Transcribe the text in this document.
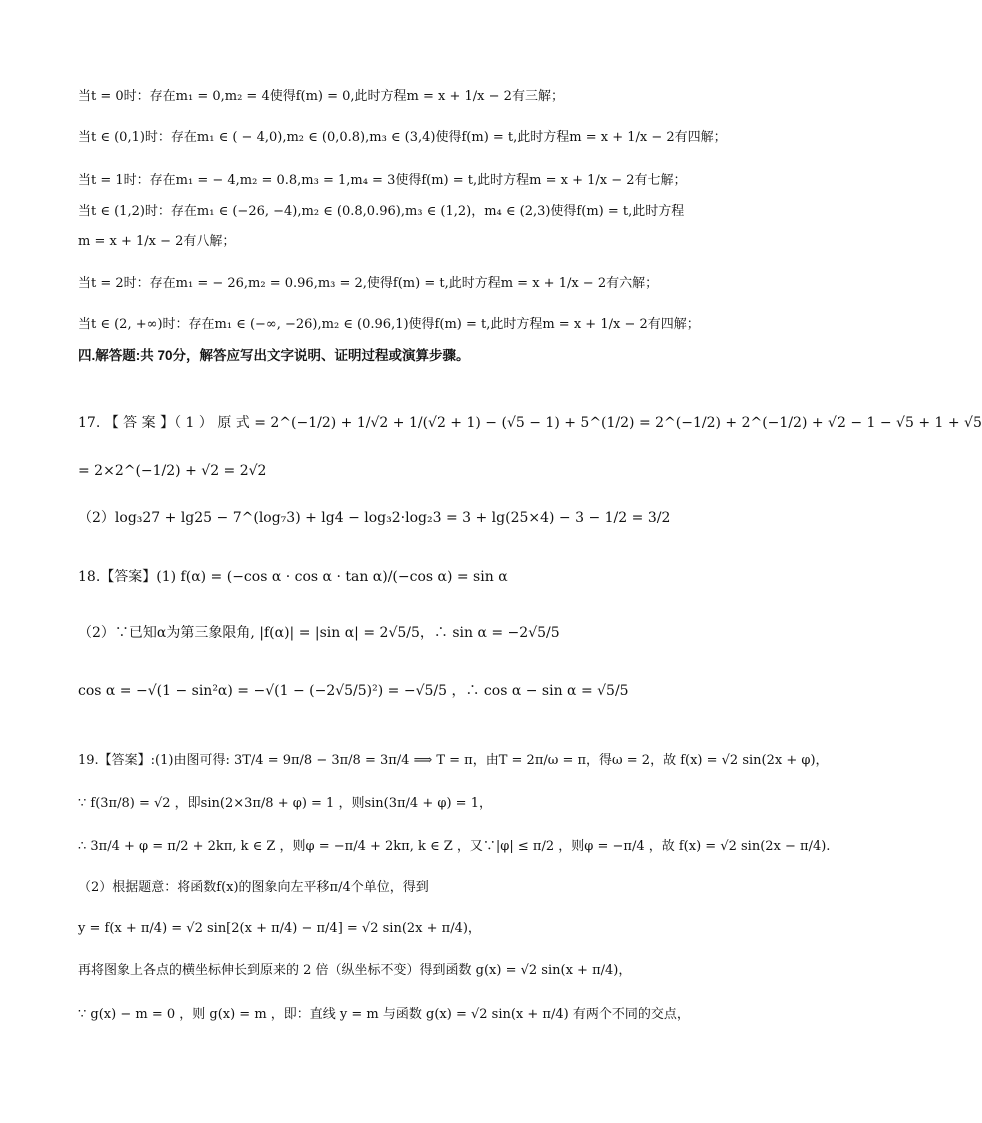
当t = 0时：存在m₁ = 0,m₂ = 4使得f(m) = 0,此时方程m = x + 1/x − 2有三解；
当t ∈ (0,1)时：存在m₁ ∈ ( − 4,0),m₂ ∈ (0,0.8),m₃ ∈ (3,4)使得f(m) = t,此时方程m = x + 1/x − 2有四解；
当t = 1时：存在m₁ = − 4,m₂ = 0.8,m₃ = 1,m₄ = 3使得f(m) = t,此时方程m = x + 1/x − 2有七解；
当t ∈ (1,2)时：存在m₁ ∈ (−26, −4),m₂ ∈ (0.8,0.96),m₃ ∈ (1,2)，m₄ ∈ (2,3)使得f(m) = t,此时方程
m = x + 1/x − 2有八解；
当t = 2时：存在m₁ = − 26,m₂ = 0.96,m₃ = 2,使得f(m) = t,此时方程m = x + 1/x − 2有六解；
当t ∈ (2, +∞)时：存在m₁ ∈ (−∞, −26),m₂ ∈ (0.96,1)使得f(m) = t,此时方程m = x + 1/x − 2有四解；
四.解答题:共 70分，解答应写出文字说明、证明过程或演算步骤。
17. 【 答 案 】（ 1 ） 原 式 = 2^(−1/2) + 1/√2 + 1/(√2 + 1) − (√5 − 1) + 5^(1/2) = 2^(−1/2) + 2^(−1/2) + √2 − 1 − √5 + 1 + √5
= 2×2^(−1/2) + √2 = 2√2
（2）log₃27 + lg25 − 7^(log₇3) + lg4 − log₃2·log₂3 = 3 + lg(25×4) − 3 − 1/2 = 3/2
18.【答案】(1) f(α) = (−cos α · cos α · tan α)/(−cos α) = sin α
（2）∵已知α为第三象限角, |f(α)| = |sin α| = 2√5/5，∴ sin α = −2√5/5
cos α = −√(1 − sin²α) = −√(1 − (−2√5/5)²) = −√5/5 ，∴ cos α − sin α = √5/5
19.【答案】:(1)由图可得: 3T/4 = 9π/8 − 3π/8 = 3π/4 ⟹ T = π，由T = 2π/ω = π，得ω = 2，故 f(x) = √2 sin(2x + φ)，
∵ f(3π/8) = √2 ，即sin(2×3π/8 + φ) = 1 ，则sin(3π/4 + φ) = 1，
∴ 3π/4 + φ = π/2 + 2kπ, k ∈ Z ，则φ = −π/4 + 2kπ, k ∈ Z ，又∵|φ| ≤ π/2 ，则φ = −π/4 ，故 f(x) = √2 sin(2x − π/4).
（2）根据题意：将函数f(x)的图象向左平移π/4个单位，得到
y = f(x + π/4) = √2 sin[2(x + π/4) − π/4] = √2 sin(2x + π/4)，
再将图象上各点的横坐标伸长到原来的 2 倍（纵坐标不变）得到函数 g(x) = √2 sin(x + π/4)，
∵ g(x) − m = 0 ，则 g(x) = m ，即：直线 y = m 与函数 g(x) = √2 sin(x + π/4) 有两个不同的交点，
